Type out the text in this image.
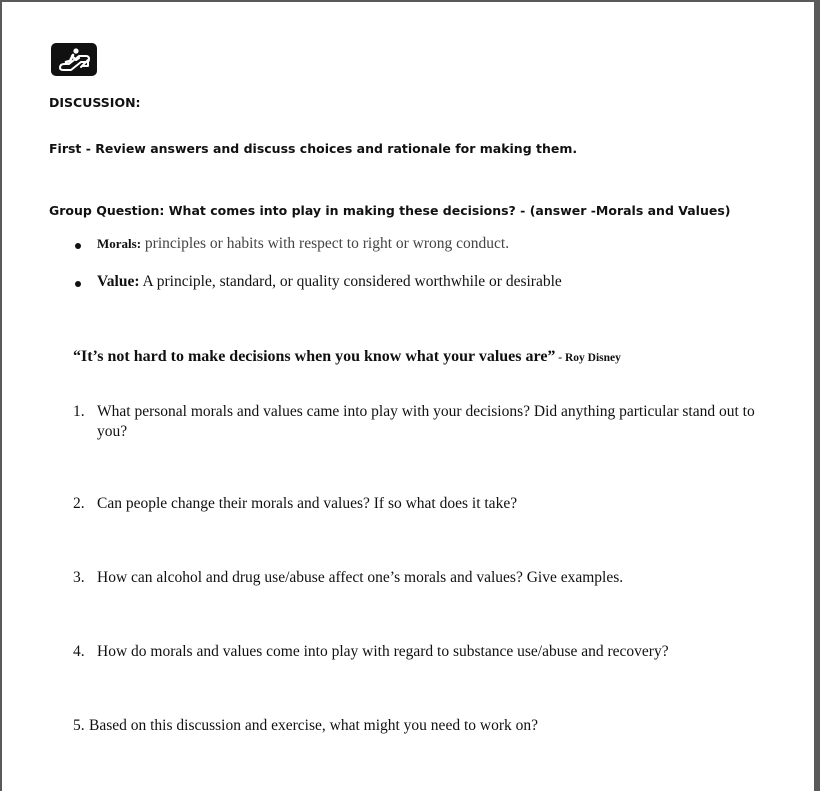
DISCUSSION:
First - Review answers and discuss choices and rationale for making them.
Group Question: What comes into play in making these decisions? - (answer -Morals and Values)
Morals: principles or habits with respect to right or wrong conduct.
Value: A principle, standard, or quality considered worthwhile or desirable
“It’s not hard to make decisions when you know what your values are” - Roy Disney
1. What personal morals and values came into play with your decisions? Did anything particular stand out to you?
2. Can people change their morals and values? If so what does it take?
3. How can alcohol and drug use/abuse affect one’s morals and values? Give examples.
4. How do morals and values come into play with regard to substance use/abuse and recovery?
5. Based on this discussion and exercise, what might you need to work on?
